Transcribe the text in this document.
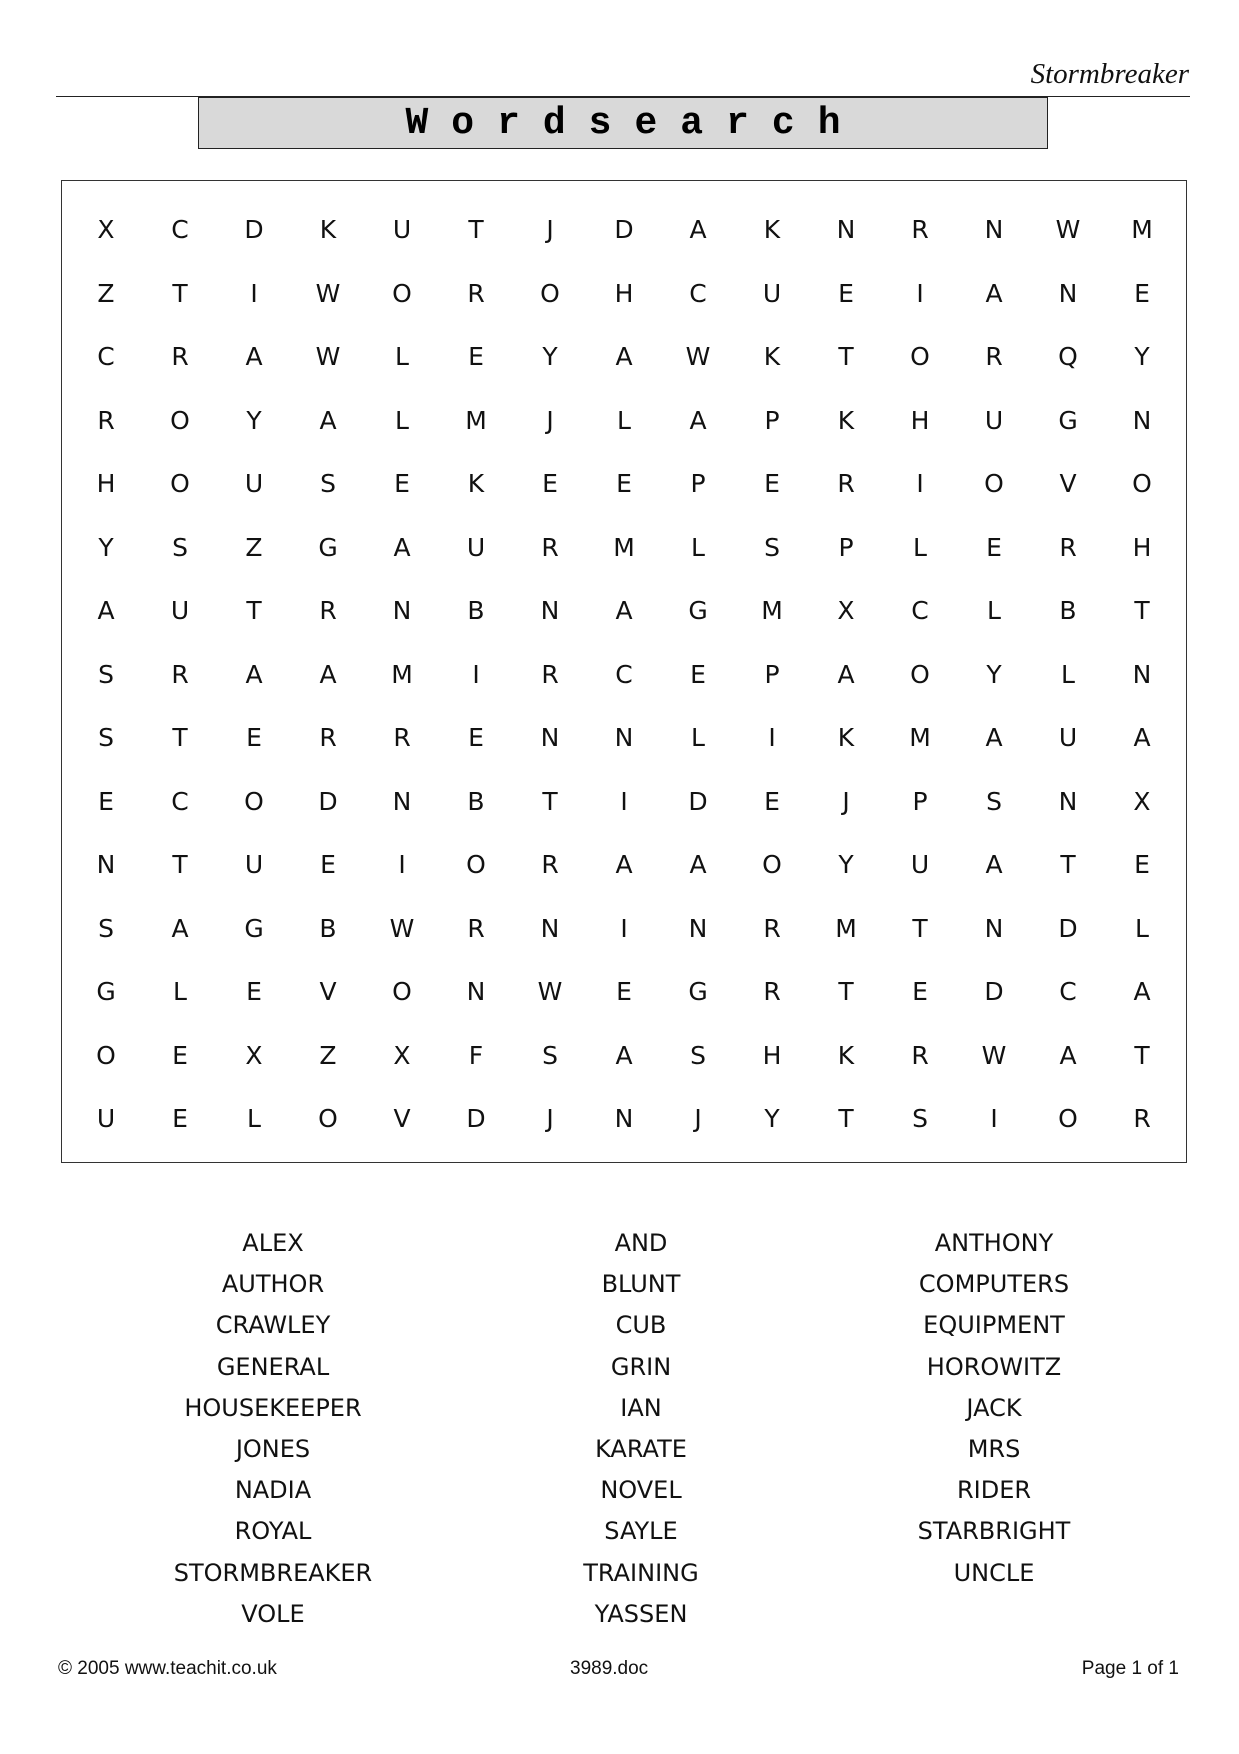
Stormbreaker
Wordsearch
X	C	D	K	U	T	J	D	A	K	N	R	N	W	M
Z	T	I	W	O	R	O	H	C	U	E	I	A	N	E
C	R	A	W	L	E	Y	A	W	K	T	O	R	Q	Y
R	O	Y	A	L	M	J	L	A	P	K	H	U	G	N
H	O	U	S	E	K	E	E	P	E	R	I	O	V	O
Y	S	Z	G	A	U	R	M	L	S	P	L	E	R	H
A	U	T	R	N	B	N	A	G	M	X	C	L	B	T
S	R	A	A	M	I	R	C	E	P	A	O	Y	L	N
S	T	E	R	R	E	N	N	L	I	K	M	A	U	A
E	C	O	D	N	B	T	I	D	E	J	P	S	N	X
N	T	U	E	I	O	R	A	A	O	Y	U	A	T	E
S	A	G	B	W	R	N	I	N	R	M	T	N	D	L
G	L	E	V	O	N	W	E	G	R	T	E	D	C	A
O	E	X	Z	X	F	S	A	S	H	K	R	W	A	T
U	E	L	O	V	D	J	N	J	Y	T	S	I	O	R
ALEX
AUTHOR
CRAWLEY
GENERAL
HOUSEKEEPER
JONES
NADIA
ROYAL
STORMBREAKER
VOLE
AND
BLUNT
CUB
GRIN
IAN
KARATE
NOVEL
SAYLE
TRAINING
YASSEN
ANTHONY
COMPUTERS
EQUIPMENT
HOROWITZ
JACK
MRS
RIDER
STARBRIGHT
UNCLE
© 2005 www.teachit.co.uk	3989.doc	Page 1 of 1
